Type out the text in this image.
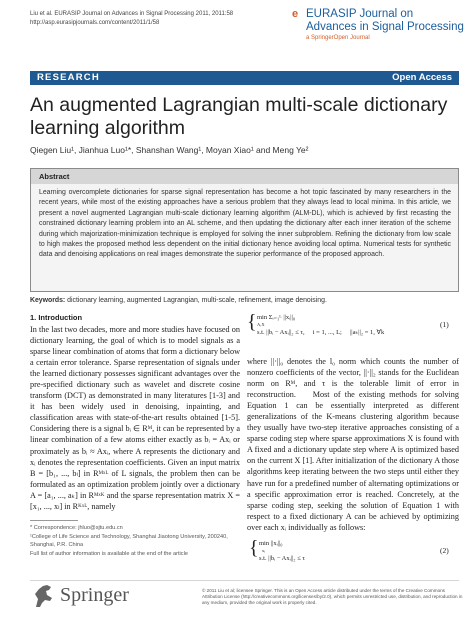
Liu et al. EURASIP Journal on Advances in Signal Processing 2011, 2011:58
http://asp.eurasipjournals.com/content/2011/1/58
e EURASIP Journal on
Advances in Signal Processing
a SpringerOpen Journal
RESEARCH	Open Access
An augmented Lagrangian multi-scale dictionary learning algorithm
Qiegen Liu¹, Jianhua Luo¹*, Shanshan Wang¹, Moyan Xiao¹ and Meng Ye²
Abstract
Learning overcomplete dictionaries for sparse signal representation has become a hot topic fascinated by many researchers in the recent years, while most of the existing approaches have a serious problem that they always lead to local minima. In this article, we present a novel augmented Lagrangian multi-scale dictionary learning algorithm (ALM-DL), which is achieved by first recasting the constrained dictionary learning problem into an AL scheme, and then updating the dictionary after each inner iteration of the scheme during which majorization-minimization technique is employed for solving the inner subproblem. Refining the dictionary from low scale to high makes the proposed method less dependent on the initial dictionary hence avoiding local optima. Numerical tests for synthetic data and denoising applications on real images demonstrate the superior performance of the proposed approach.
Keywords: dictionary learning, augmented Lagrangian, multi-scale, refinement, image denoising.
1. Introduction
In the last two decades, more and more studies have focused on dictionary learning, the goal of which is to model signals as a sparse linear combination of atoms that form a dictionary below a certain error tolerance. Sparse representation of signals under the learned dictionary possesses significant advantages over the pre-specified dictionary such as wavelet and discrete cosine transform (DCT) as demonstrated in many literatures [1-3] and it has been widely used in denoising, inpainting, and classification areas with state-of-the-art results obtained [1-5]. Considering there is a signal bᵢ ∈ Rᴹ, it can be represented by a linear combination of a few atoms either exactly as bᵢ = Axᵢ or proximately as bᵢ ≈ Axᵢ, where A represents the dictionary and xᵢ denotes the representation coefficients. Given an input matrix B = [b₁, ..., bₗ] in Rᴹˣᴸ of L signals, the problem then can be formulated as an optimization problem jointly over a dictionary A = [a₁, ..., aₖ] in Rᴹˣᴷ and the sparse representation matrix X = [x₁, ..., xₗ] in Rᴷˣᴸ, namely
{ min Σᵢ₌₁ᴸ ||xᵢ||₀
A,X
s.t. ||bᵢ − Axᵢ||₂ ≤ τ,  i = 1, ..., L;  ||aₖ||₂ = 1, ∀k
(1)
where ||·||₀ denotes the l₀ norm which counts the number of nonzero coefficients of the vector, ||·||₂ stands for the Euclidean norm on Rᴹ, and τ is the tolerable limit of error in reconstruction.    Most of the existing methods for solving Equation 1 can be essentially interpreted as different generalizations of the K-means clustering algorithm because they usually have two-step iterative approaches consisting of a sparse coding step where sparse approximations X is found with A fixed and a dictionary update step where A is optimized based on the current X [1]. After initialization of the dictionary A those algorithms keep iterating between the two steps until either they have run for a predefined number of alternating optimizations or a specific approximation error is reached. Concretely, at the sparse coding step, seeking the solution of Equation 1 with respect to a fixed dictionary A can be achieved by optimizing over each xᵢ individually as follows:
{ min ||xᵢ||₀
xᵢ
s.t. ||bᵢ − Axᵢ||₂ ≤ τ
(2)
* Correspondence: jhluo@sjtu.edu.cn
¹College of Life Science and Technology, Shanghai Jiaotong University, 200240, Shanghai, P.R. China
Full list of author information is available at the end of the article
Springer	© 2011 Liu et al; licensee Springer. This is an Open Access article distributed under the terms of the Creative Commons Attribution License (http://creativecommons.org/licenses/by/2.0), which permits unrestricted use, distribution, and reproduction in any medium, provided the original work is properly cited.
